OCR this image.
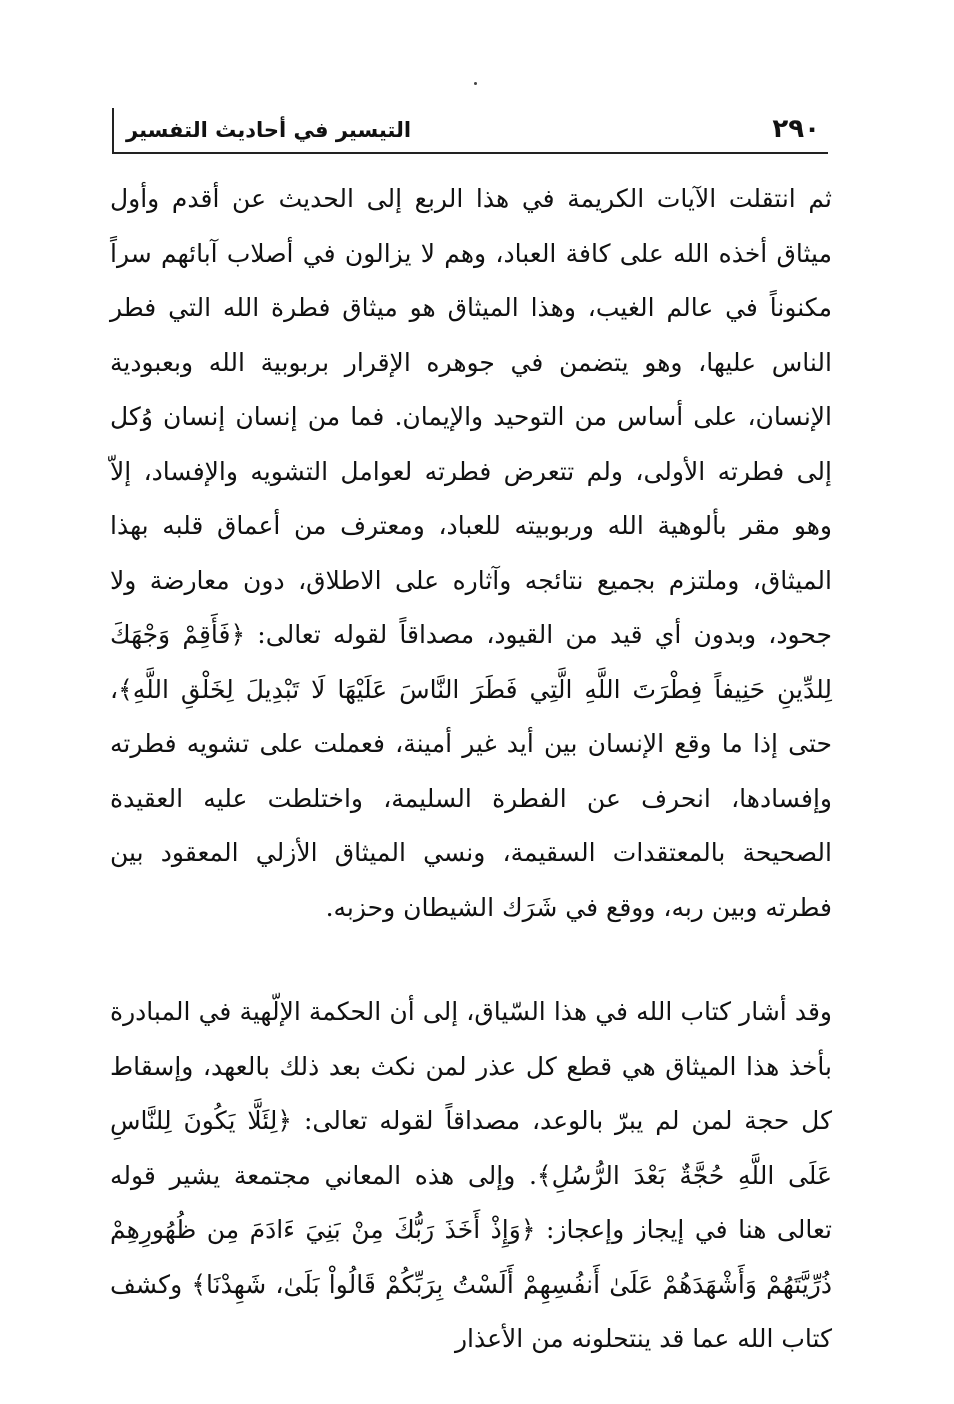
٢٩٠
التيسير في أحاديث التفسير

ثم انتقلت الآيات الكريمة في هذا الربع إلى الحديث عن أقدم وأول ميثاق أخذه الله على كافة العباد، وهم لا يزالون في أصلاب آبائهم سراً مكنوناً في عالم الغيب، وهذا الميثاق هو ميثاق فطرة الله التي فطر الناس عليها، وهو يتضمن في جوهره الإقرار بربوبية الله وبعبودية الإنسان، على أساس من التوحيد والإيمان. فما من إنسان إنسان وُكل إلى فطرته الأولى، ولم تتعرض فطرته لعوامل التشويه والإفساد، إلاّ وهو مقر بألوهية الله وربوبيته للعباد، ومعترف من أعماق قلبه بهذا الميثاق، وملتزم بجميع نتائجه وآثاره على الاطلاق، دون معارضة ولا جحود، وبدون أي قيد من القيود، مصداقاً لقوله تعالى: ﴿فَأَقِمْ وَجْهَكَ لِلدِّينِ حَنِيفاً فِطْرَتَ اللَّهِ الَّتِي فَطَرَ النَّاسَ عَلَيْهَا لَا تَبْدِيلَ لِخَلْقِ اللَّهِ﴾، حتى إذا ما وقع الإنسان بين أيد غير أمينة، فعملت على تشويه فطرته وإفسادها، انحرف عن الفطرة السليمة، واختلطت عليه العقيدة الصحيحة بالمعتقدات السقيمة، ونسي الميثاق الأزلي المعقود بين فطرته وبين ربه، ووقع في شَرَك الشيطان وحزبه.

وقد أشار كتاب الله في هذا السّياق، إلى أن الحكمة الإلّهية في المبادرة بأخذ هذا الميثاق هي قطع كل عذر لمن نكث بعد ذلك بالعهد، وإسقاط كل حجة لمن لم يبرّ بالوعد، مصداقاً لقوله تعالى: ﴿لِئَلَّا يَكُونَ لِلنَّاسِ عَلَى اللَّهِ حُجَّةٌ بَعْدَ الرُّسُلِ﴾. وإلى هذه المعاني مجتمعة يشير قوله تعالى هنا في إيجاز وإعجاز: ﴿وَإِذْ أَخَذَ رَبُّكَ مِنْ بَنِيَ ءَادَمَ مِن ظُهُورِهِمْ ذُرِّيَّتَهُمْ وَأَشْهَدَهُمْ عَلَىٰ أَنفُسِهِمْ أَلَسْتُ بِرَبِّكُمْ قَالُواْ بَلَىٰ، شَهِدْنَا﴾ وكشف كتاب الله عما قد ينتحلونه من الأعذار
